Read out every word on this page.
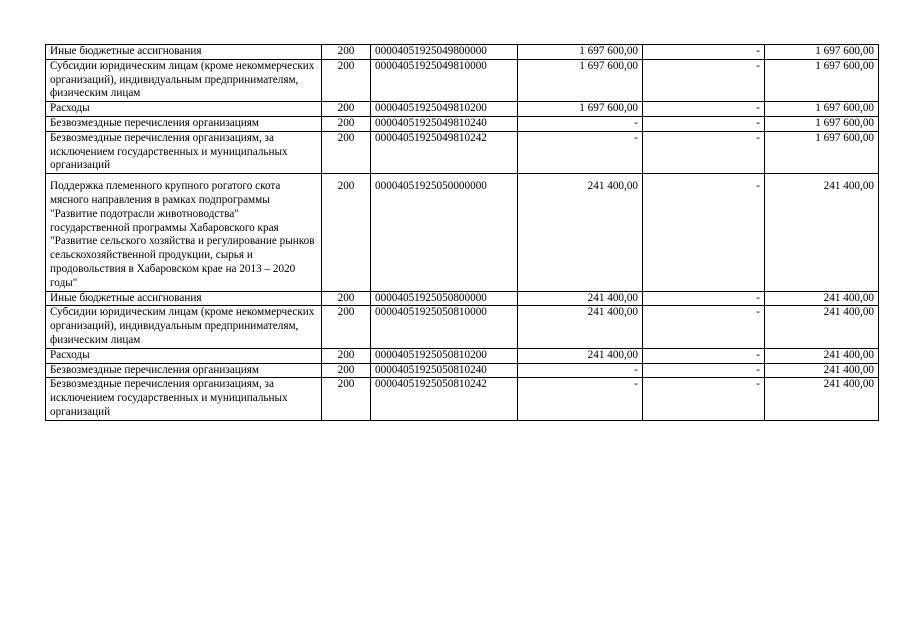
Иные бюджетные ассигнования	200	00004051925049800000	1 697 600,00	-	1 697 600,00
Субсидии юридическим лицам (кроме некоммерческих организаций), индивидуальным предпринимателям, физическим лицам	200	00004051925049810000	1 697 600,00	-	1 697 600,00
Расходы	200	00004051925049810200	1 697 600,00	-	1 697 600,00
Безвозмездные перечисления организациям	200	00004051925049810240	-	-	1 697 600,00
Безвозмездные перечисления организациям, за исключением государственных и муниципальных организаций	200	00004051925049810242	-	-	1 697 600,00
Поддержка племенного крупного рогатого скота мясного направления в рамках подпрограммы "Развитие подотрасли животноводства" государственной программы Хабаровского края "Развитие сельского хозяйства и регулирование рынков сельскохозяйственной продукции, сырья и продовольствия в Хабаровском крае на 2013 – 2020 годы"	200	00004051925050000000	241 400,00	-	241 400,00
Иные бюджетные ассигнования	200	00004051925050800000	241 400,00	-	241 400,00
Субсидии юридическим лицам (кроме некоммерческих организаций), индивидуальным предпринимателям, физическим лицам	200	00004051925050810000	241 400,00	-	241 400,00
Расходы	200	00004051925050810200	241 400,00	-	241 400,00
Безвозмездные перечисления организациям	200	00004051925050810240	-	-	241 400,00
Безвозмездные перечисления организациям, за исключением государственных и муниципальных организаций	200	00004051925050810242	-	-	241 400,00
